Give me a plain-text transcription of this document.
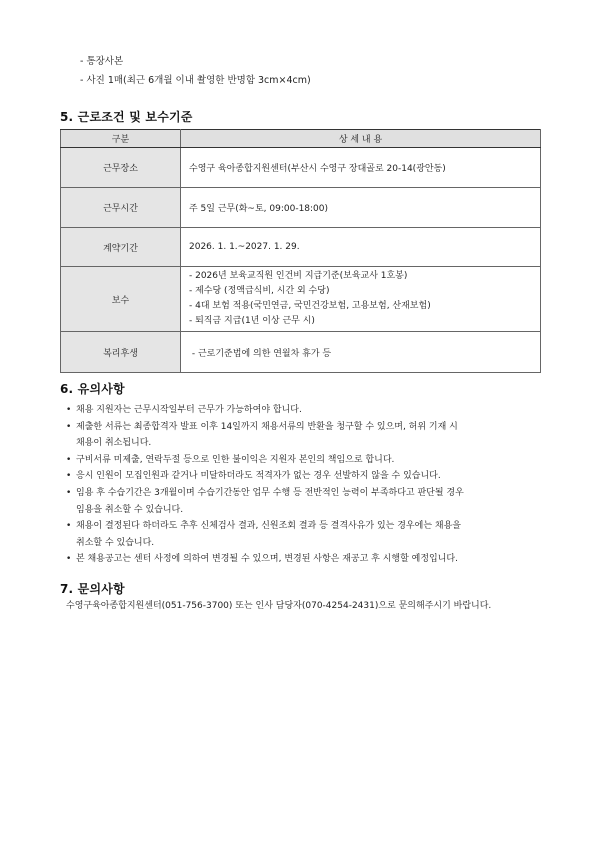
- 통장사본
- 사진 1매(최근 6개월 이내 촬영한 반명함 3cm×4cm)
5. 근로조건 및 보수기준
구분	상 세 내 용
근무장소	수영구 육아종합지원센터(부산시 수영구 장대골로 20-14(광안동)
근무시간	주 5일 근무(화~토, 09:00-18:00)
계약기간	2026. 1. 1.~2027. 1. 29.
보수	- 2026년 보육교직원 인건비 지급기준(보육교사 1호봉)
- 제수당 (정액급식비, 시간 외 수당)
- 4대 보험 적용(국민연금, 국민건강보험, 고용보험, 산재보험)
- 퇴직금 지급(1년 이상 근무 시)

복리후생	- 근로기준법에 의한 연월차 휴가 등
6. 유의사항
• 채용 지원자는 근무시작일부터 근무가 가능하여야 합니다.
• 제출한 서류는 최종합격자 발표 이후 14일까지 채용서류의 반환을 청구할 수 있으며, 허위 기재 시
채용이 취소됩니다.
• 구비서류 미제출, 연락두절 등으로 인한 불이익은 지원자 본인의 책임으로 합니다.
• 응시 인원이 모집인원과 같거나 미달하더라도 적격자가 없는 경우 선발하지 않을 수 있습니다.
• 임용 후 수습기간은 3개월이며 수습기간동안 업무 수행 등 전반적인 능력이 부족하다고 판단될 경우
임용을 취소할 수 있습니다.
• 채용이 결정된다 하더라도 추후 신체검사 결과, 신원조회 결과 등 결격사유가 있는 경우에는 채용을
취소할 수 있습니다.
• 본 채용공고는 센터 사정에 의하여 변경될 수 있으며, 변경된 사항은 재공고 후 시행할 예정입니다.
7. 문의사항
수영구육아종합지원센터(051-756-3700) 또는 인사 담당자(070-4254-2431)으로 문의해주시기 바랍니다.
